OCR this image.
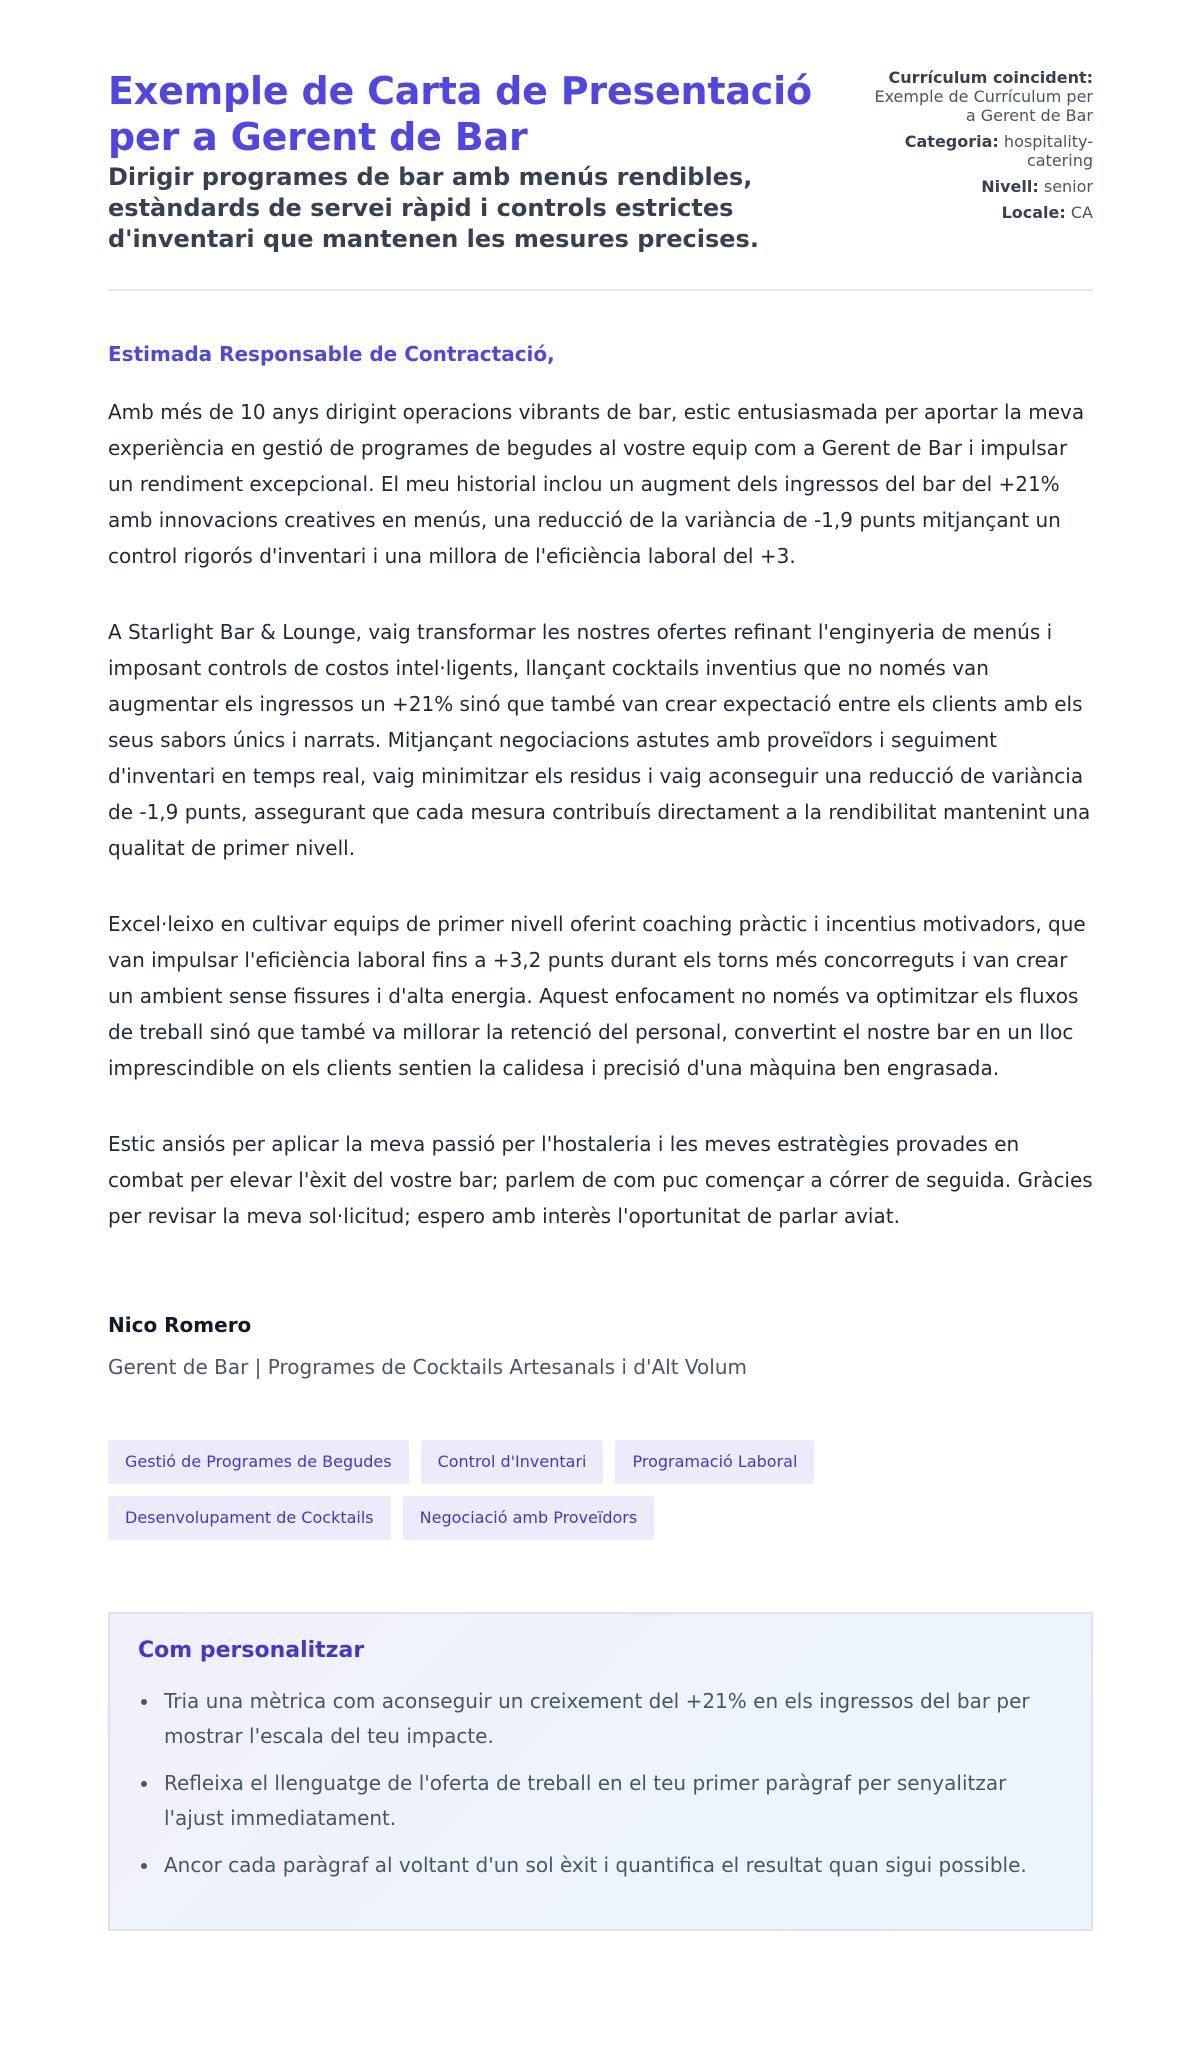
Exemple de Carta de Presentació per a Gerent de Bar
Dirigir programes de bar amb menús rendibles, estàndards de servei ràpid i controls estrictes d'inventari que mantenen les mesures precises.
Currículum coincident: Exemple de Currículum per a Gerent de Bar
Categoria: hospitality-catering
Nivell: senior
Locale: CA

Estimada Responsable de Contractació,

Amb més de 10 anys dirigint operacions vibrants de bar, estic entusiasmada per aportar la meva experiència en gestió de programes de begudes al vostre equip com a Gerent de Bar i impulsar un rendiment excepcional. El meu historial inclou un augment dels ingressos del bar del +21% amb innovacions creatives en menús, una reducció de la variància de -1,9 punts mitjançant un control rigorós d'inventari i una millora de l'eficiència laboral del +3.

A Starlight Bar & Lounge, vaig transformar les nostres ofertes refinant l'enginyeria de menús i imposant controls de costos intel·ligents, llançant cocktails inventius que no només van augmentar els ingressos un +21% sinó que també van crear expectació entre els clients amb els seus sabors únics i narrats. Mitjançant negociacions astutes amb proveïdors i seguiment d'inventari en temps real, vaig minimitzar els residus i vaig aconseguir una reducció de variància de -1,9 punts, assegurant que cada mesura contribuís directament a la rendibilitat mantenint una qualitat de primer nivell.

Excel·leixo en cultivar equips de primer nivell oferint coaching pràctic i incentius motivadors, que van impulsar l'eficiència laboral fins a +3,2 punts durant els torns més concorreguts i van crear un ambient sense fissures i d'alta energia. Aquest enfocament no només va optimitzar els fluxos de treball sinó que també va millorar la retenció del personal, convertint el nostre bar en un lloc imprescindible on els clients sentien la calidesa i precisió d'una màquina ben engrasada.

Estic ansiós per aplicar la meva passió per l'hostaleria i les meves estratègies provades en combat per elevar l'èxit del vostre bar; parlem de com puc començar a córrer de seguida. Gràcies per revisar la meva sol·licitud; espero amb interès l'oportunitat de parlar aviat.

Nico Romero

Gerent de Bar | Programes de Cocktails Artesanals i d'Alt Volum

Gestió de Programes de Begudes	Control d'Inventari	Programació Laboral
Desenvolupament de Cocktails	Negociació amb Proveïdors
Com personalitzar
Tria una mètrica com aconseguir un creixement del +21% en els ingressos del bar per mostrar l'escala del teu impacte.
Refleixa el llenguatge de l'oferta de treball en el teu primer paràgraf per senyalitzar l'ajust immediatament.
Ancor cada paràgraf al voltant d'un sol èxit i quantifica el resultat quan sigui possible.
